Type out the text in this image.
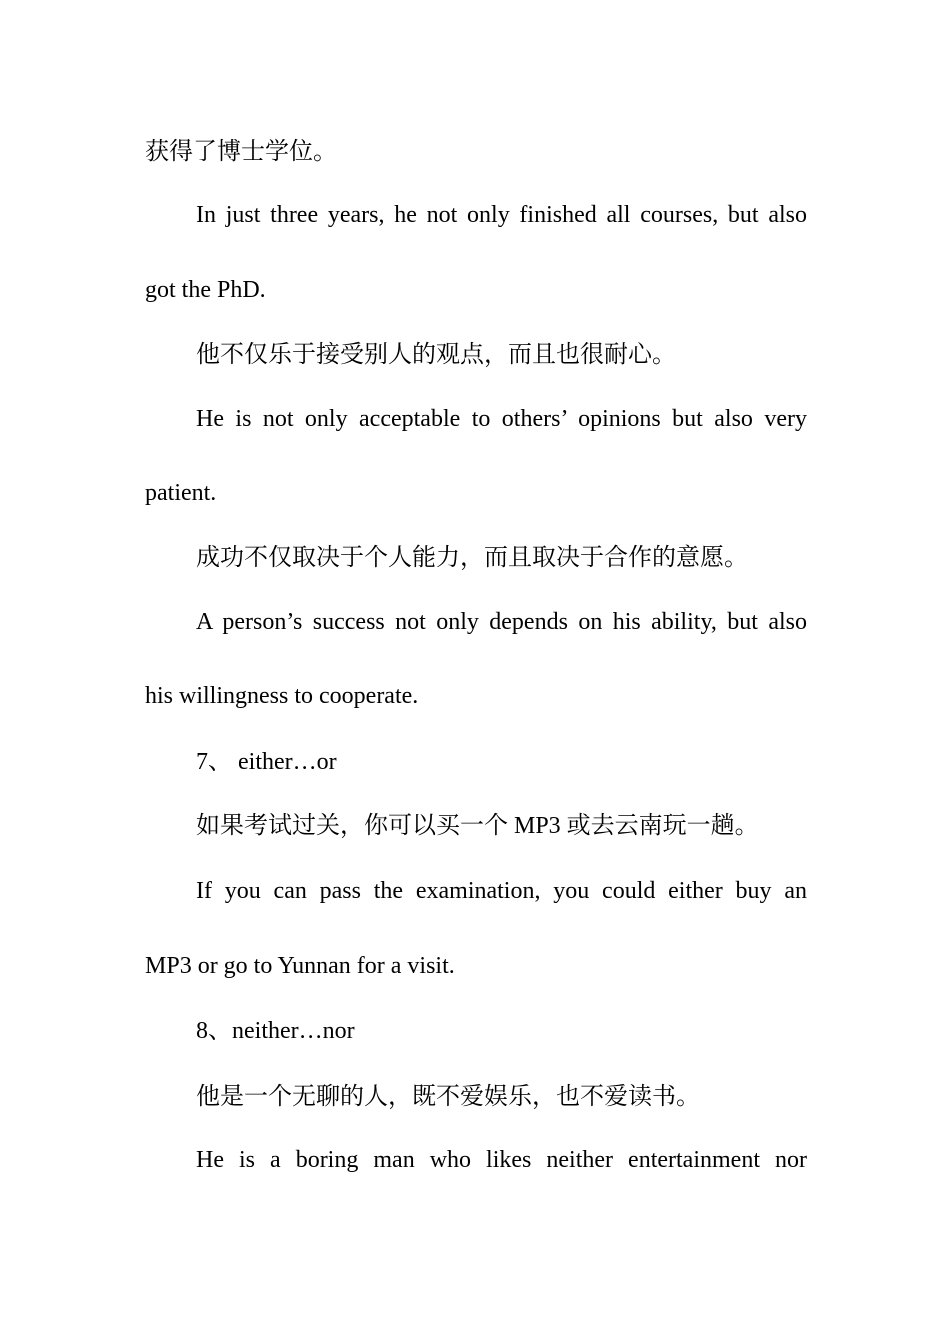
获得了博士学位。
In just three years, he not only finished all courses, but also
got the PhD.
他不仅乐于接受别人的观点，而且也很耐心。
He is not only acceptable to others’ opinions but also very
patient.
成功不仅取决于个人能力，而且取决于合作的意愿。
A person’s success not only depends on his ability, but also
his willingness to cooperate.
7、 either…or
如果考试过关，你可以买一个 MP3 或去云南玩一趟。
If you can pass the examination, you could either buy an
MP3 or go to Yunnan for a visit.
8、neither…nor
他是一个无聊的人，既不爱娱乐，也不爱读书。
He is a boring man who likes neither entertainment nor
